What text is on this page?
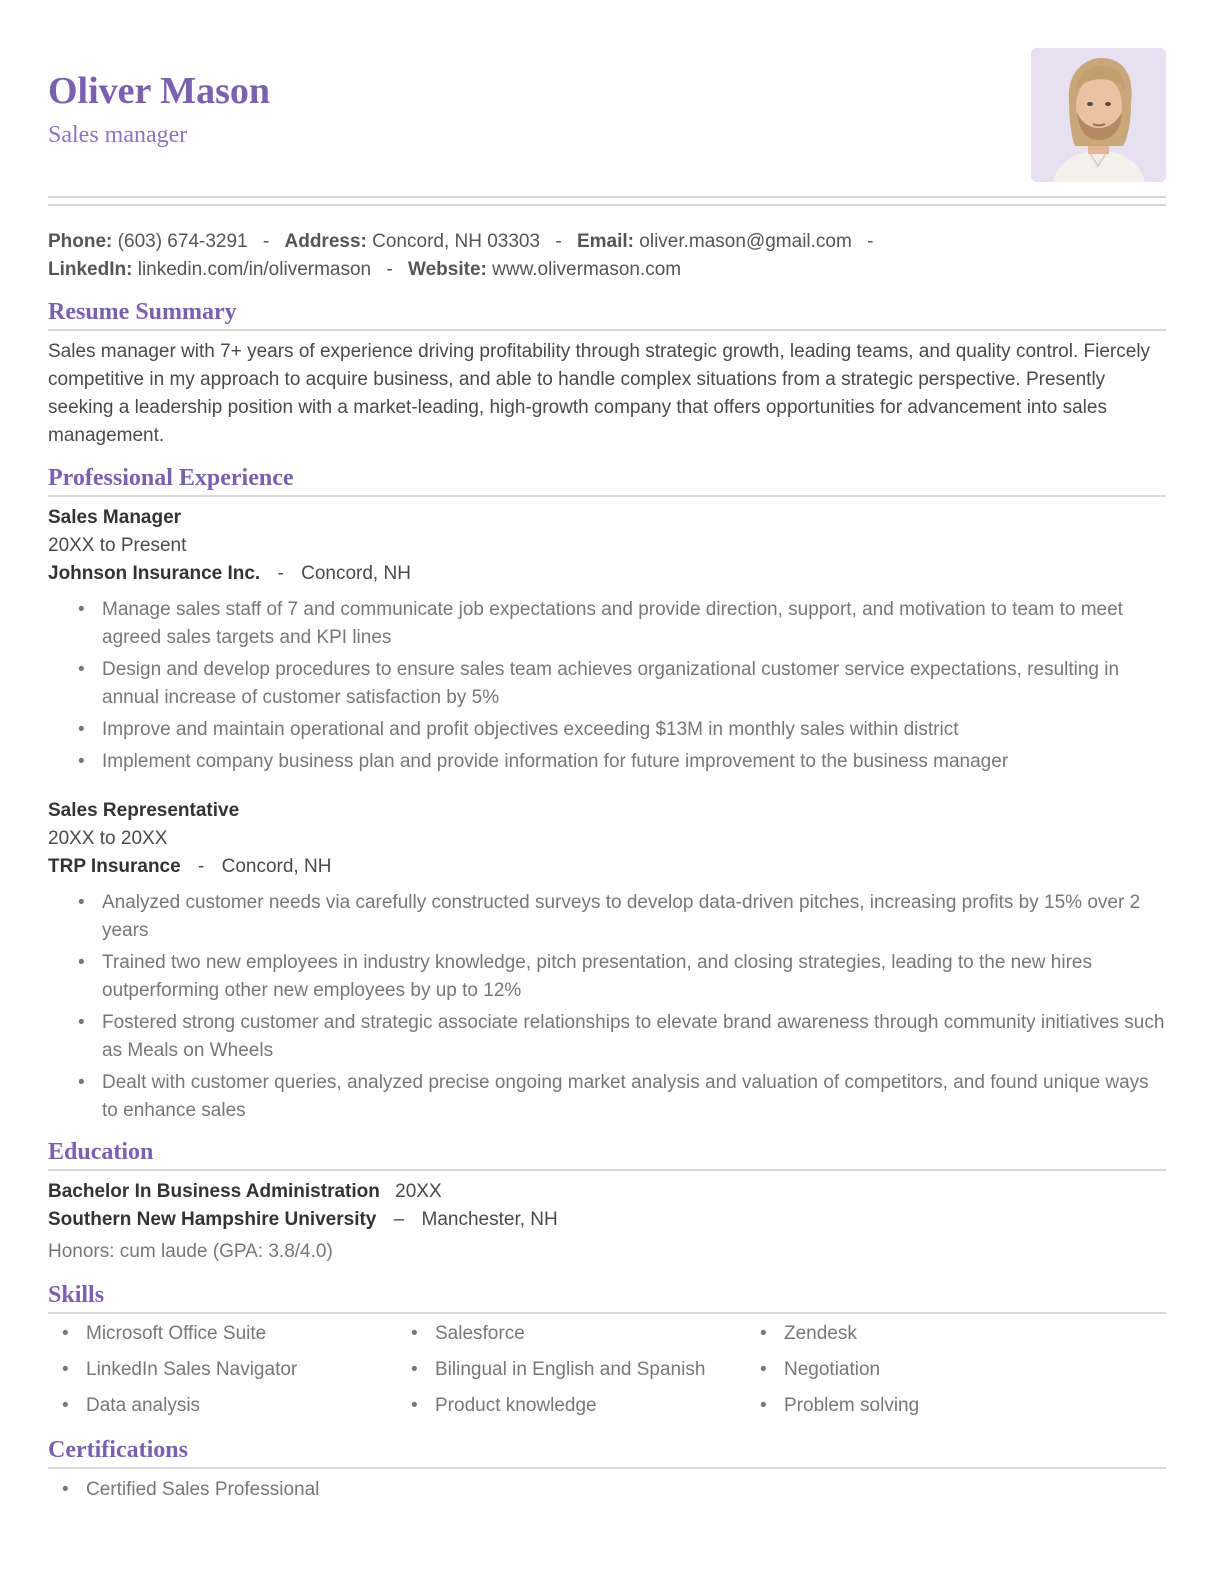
Oliver Mason
Sales manager
Phone: (603) 674-3291 - Address: Concord, NH 03303 - Email: oliver.mason@gmail.com -
LinkedIn: linkedin.com/in/olivermason - Website: www.olivermason.com
Resume Summary
Sales manager with 7+ years of experience driving profitability through strategic growth, leading teams, and quality control. Fiercely competitive in my approach to acquire business, and able to handle complex situations from a strategic perspective. Presently seeking a leadership position with a market-leading, high-growth company that offers opportunities for advancement into sales management.
Professional Experience
Sales Manager
20XX to Present
Johnson Insurance Inc. - Concord, NH
• Manage sales staff of 7 and communicate job expectations and provide direction, support, and motivation to team to meet agreed sales targets and KPI lines
• Design and develop procedures to ensure sales team achieves organizational customer service expectations, resulting in annual increase of customer satisfaction by 5%
• Improve and maintain operational and profit objectives exceeding $13M in monthly sales within district
• Implement company business plan and provide information for future improvement to the business manager
Sales Representative
20XX to 20XX
TRP Insurance - Concord, NH
• Analyzed customer needs via carefully constructed surveys to develop data-driven pitches, increasing profits by 15% over 2 years
• Trained two new employees in industry knowledge, pitch presentation, and closing strategies, leading to the new hires outperforming other new employees by up to 12%
• Fostered strong customer and strategic associate relationships to elevate brand awareness through community initiatives such as Meals on Wheels
• Dealt with customer queries, analyzed precise ongoing market analysis and valuation of competitors, and found unique ways to enhance sales
Education
Bachelor In Business Administration 20XX
Southern New Hampshire University – Manchester, NH
Honors: cum laude (GPA: 3.8/4.0)
Skills
• Microsoft Office Suite	• Salesforce	• Zendesk
• LinkedIn Sales Navigator	• Bilingual in English and Spanish	• Negotiation
• Data analysis	• Product knowledge	• Problem solving
Certifications
• Certified Sales Professional
